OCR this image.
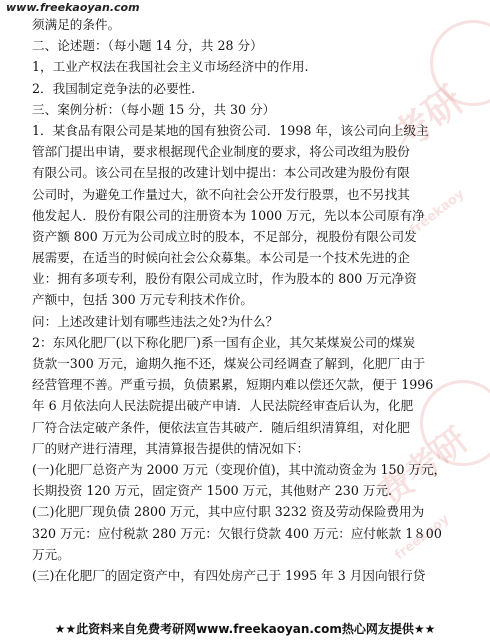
考研
freekaoy
费考研
freekaoy
www.freekaoyan.com
须满足的条件。
二、论述题：（每小题 14 分，共 28 分）
1，工业产权法在我国社会主义市场经济中的作用.
2．我国制定竞争法的必要性.
三、案例分析：（每小题 15 分，共 30 分）
1．某食品有限公司是某地的国有独资公司．1998 年，该公司向上级主
管部门提出申请，要求根据现代企业制度的要求，将公司改组为股份
有限公司。该公司在呈报的改建计划中提出：本公司改建为股份有限
公司时，为避免工作量过大，欲不向社会公开发行股票，也不另找其
他发起人．股份有限公司的注册资本为 1000 万元，先以本公司原有净
资产额 800 万元为公司成立时的股本，不足部分，视股份有限公司发
展需要，在适当的时候向社会公众募集。本公司是一个技术先进的企
业：拥有多项专利，股份有限公司成立时，作为股本的 800 万元净资
产额中，包括 300 万元专利技术作价。
问：上述改建计划有哪些违法之处?为什么？
2：东风化肥厂(以下称化肥厂)系一国有企业，其欠某煤炭公司的煤炭
货款一300 万元，逾期久拖不还，煤炭公司经调查了解到，化肥厂由于
经营管理不善。严重亏损，负债累累，短期内难以偿还欠款，便于 1996
年 6 月依法向人民法院提出破产申请．人民法院经审查后认为，化肥
厂符合法定破产条件，便依法宣告其破产．随后组织清算组，对化肥
厂的财产进行清理，其清算报告提供的情况如下：
(一)化肥厂总资产为 2000 万元（变现价值)，其中流动资金为 150 万元，
长期投资 120 万元，固定资产 1500 万元，其他财产 230 万元.
(二)化肥厂现负债 2800 万元，其中应付职 3232 资及劳动保险费用为
320 万元：应付税款 280 万元：欠银行贷款 400 万元：应付帐款 1８00
万元。
(三)在化肥厂的固定资产中，有四处房产己于 1995 年 3 月因向银行贷
★★此资料来自免费考研网www.freekaoyan.com热心网友提供★★
